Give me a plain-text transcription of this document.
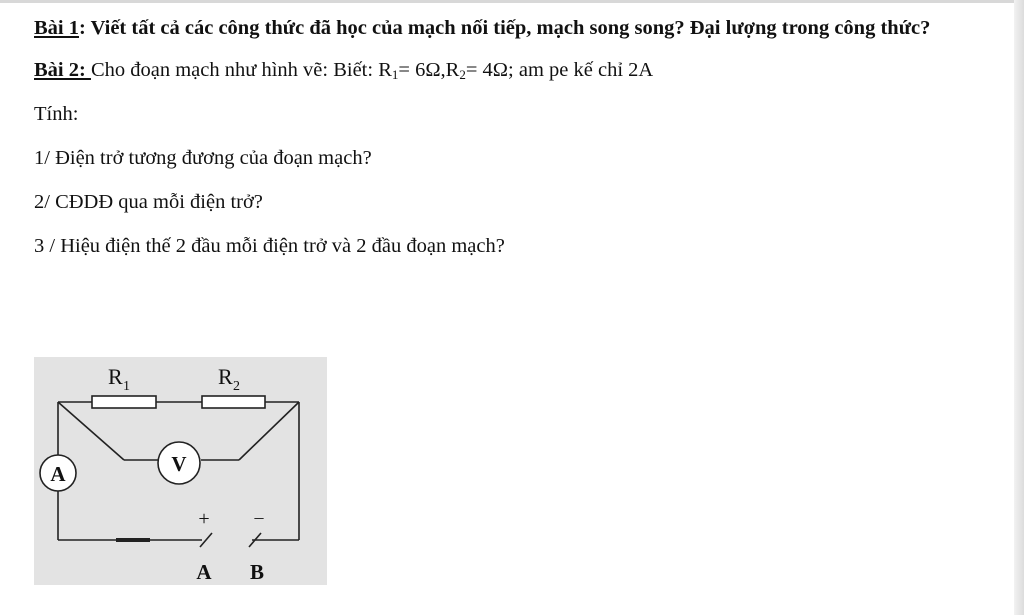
Bài 1: Viết tất cả các công thức đã học của mạch nối tiếp, mạch song song? Đại lượng trong công thức?

Bài 2: Cho đoạn mạch như hình vẽ: Biết: $R_1= 6\Omega,R_2= 4\Omega$; am pe kế chỉ 2A

Tính:

1/ Điện trở tương đương của đoạn mạch?

2/ CĐDĐ qua mỗi điện trở?

3 / Hiệu điện thế 2 đầu mỗi điện trở và 2 đầu đoạn mạch?

R 1	R 2
V
A
+ –
A B
